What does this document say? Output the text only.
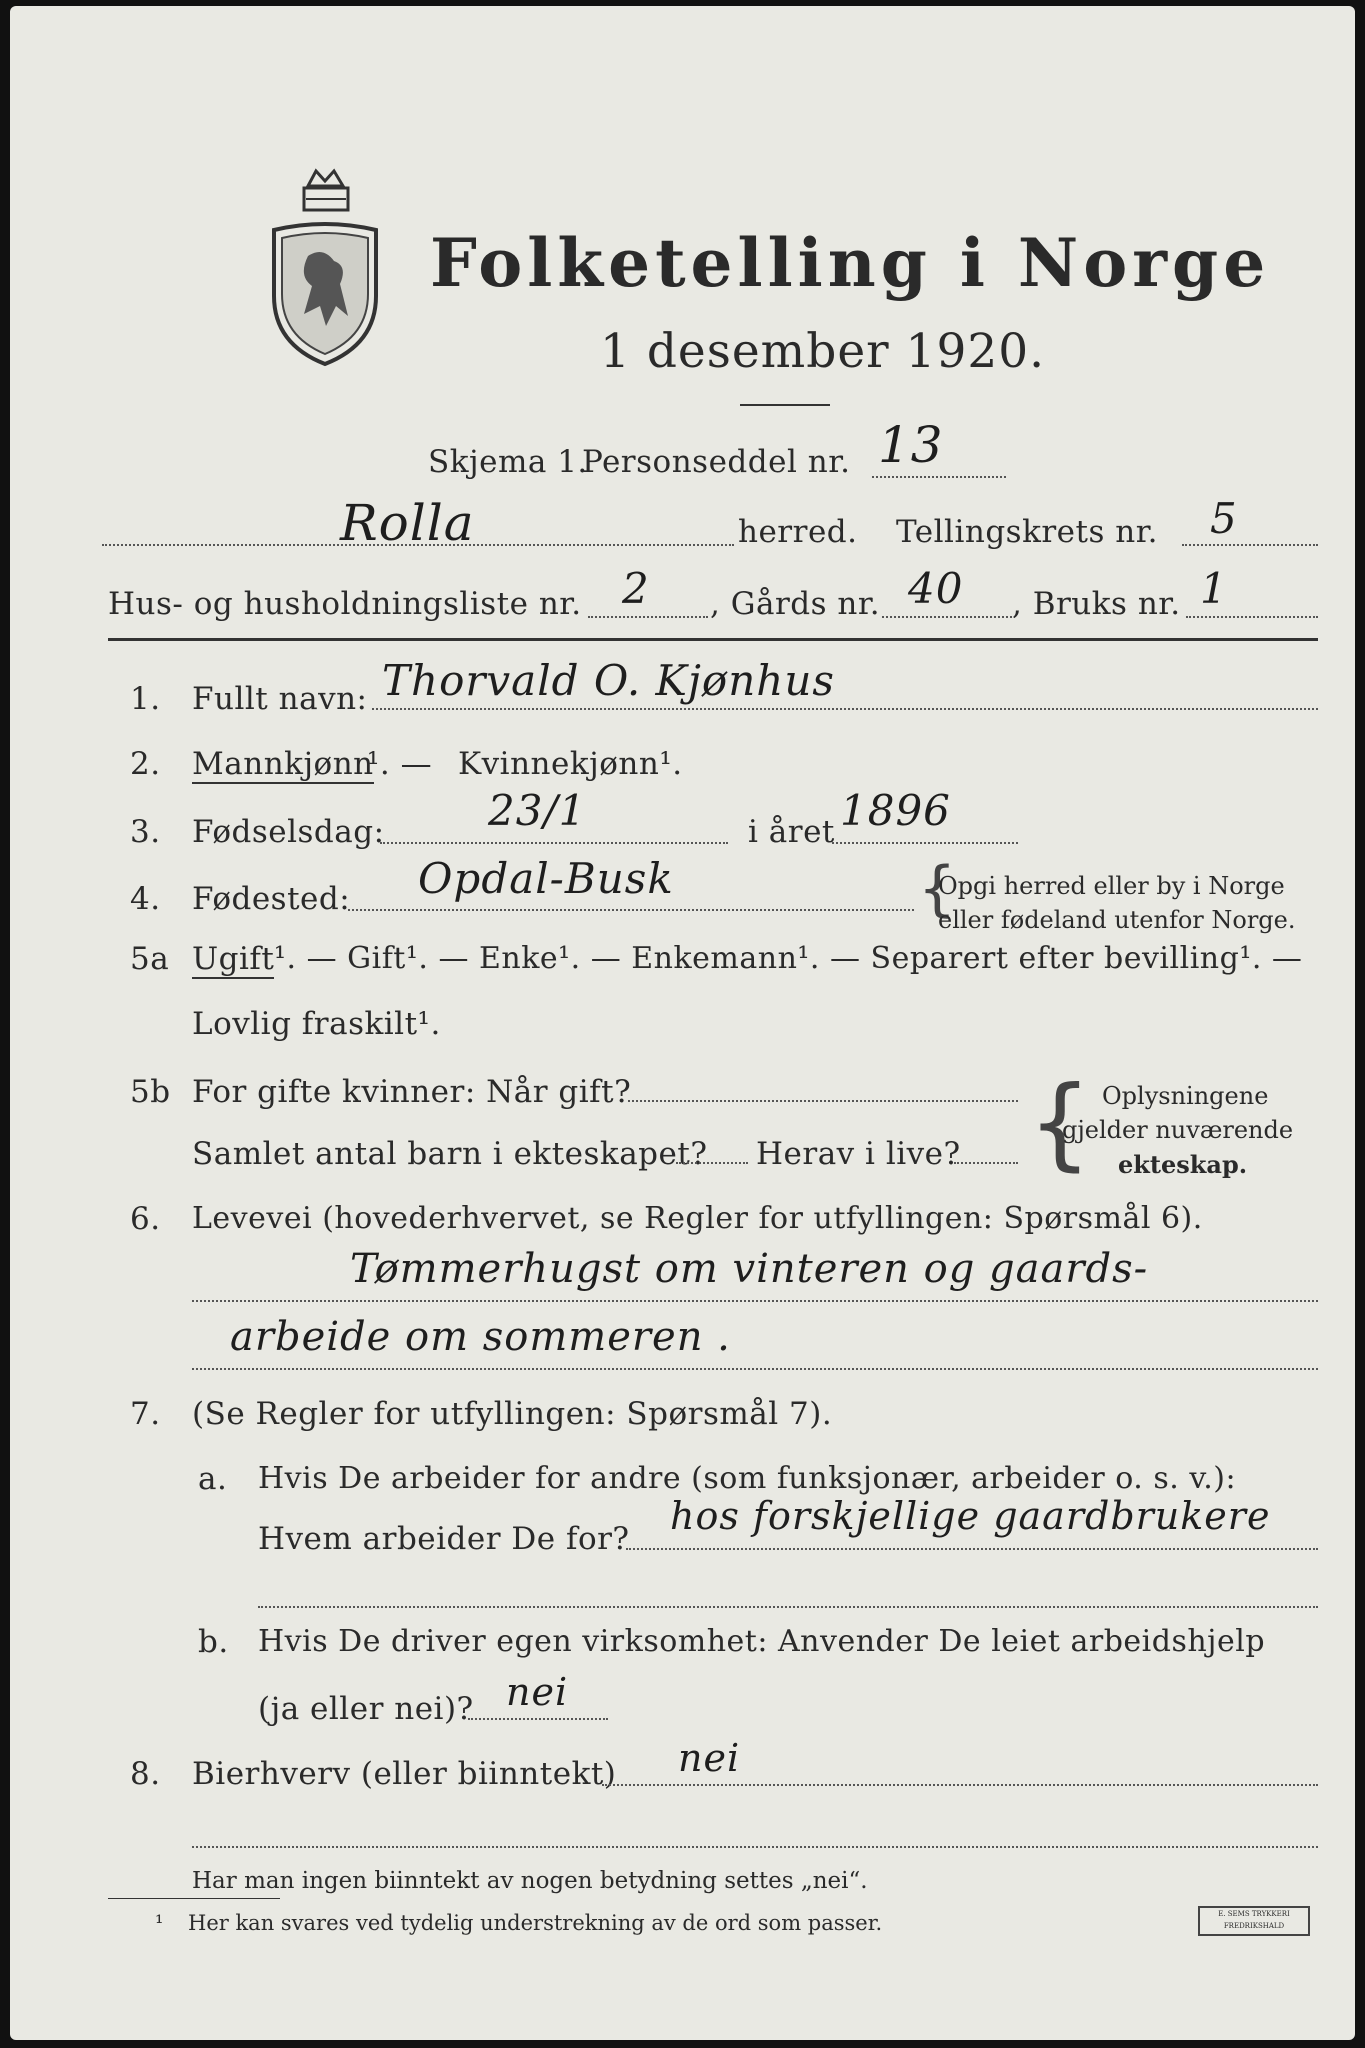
Folketelling i Norge
1 desember 1920.
Skjema 1.
Personseddel nr. 13
Rolla	herred. Tellingskrets nr. 5
Hus- og husholdningsliste nr. 2 , Gårds nr. 40 , Bruks nr. 1
1. Fullt navn: Thorvald O. Kjønhus
2. Mannkjønn
¹. — Kvinnekjønn¹.
3. Fødselsdag: 23/1	i året 1896
4. Fødested: Opdal-Busk	{
Opgi herred eller by i Norge
eller fødeland utenfor Norge.
5a Ugift ¹. — Gift¹. — Enke¹. — Enkemann¹. — Separert efter bevilling¹. —
Lovlig fraskilt¹.
5b For gifte kvinner: Når gift?
Samlet antal barn i ekteskapet? Herav i live? { Oplysningene
gjelder nuværende
ekteskap.
6. Levevei (hovederhvervet, se Regler for utfyllingen: Spørsmål 6).
Tømmerhugst om vinteren og gaards-
arbeide om sommeren .
7. (Se Regler for utfyllingen: Spørsmål 7).
a. Hvis De arbeider for andre (som funksjonær, arbeider o. s. v.):
Hvem arbeider De for?
hos forskjellige gaardbrukere
b. Hvis De driver egen virksomhet: Anvender De leiet arbeidshjelp
(ja eller nei)? nei
8. Bierhverv (eller biinntekt) nei
Har man ingen biinntekt av nogen betydning settes „nei“.
¹ Her kan svares ved tydelig understrekning av de ord som passer.	E. SEMS TRYKKERI FREDRIKSHALD
